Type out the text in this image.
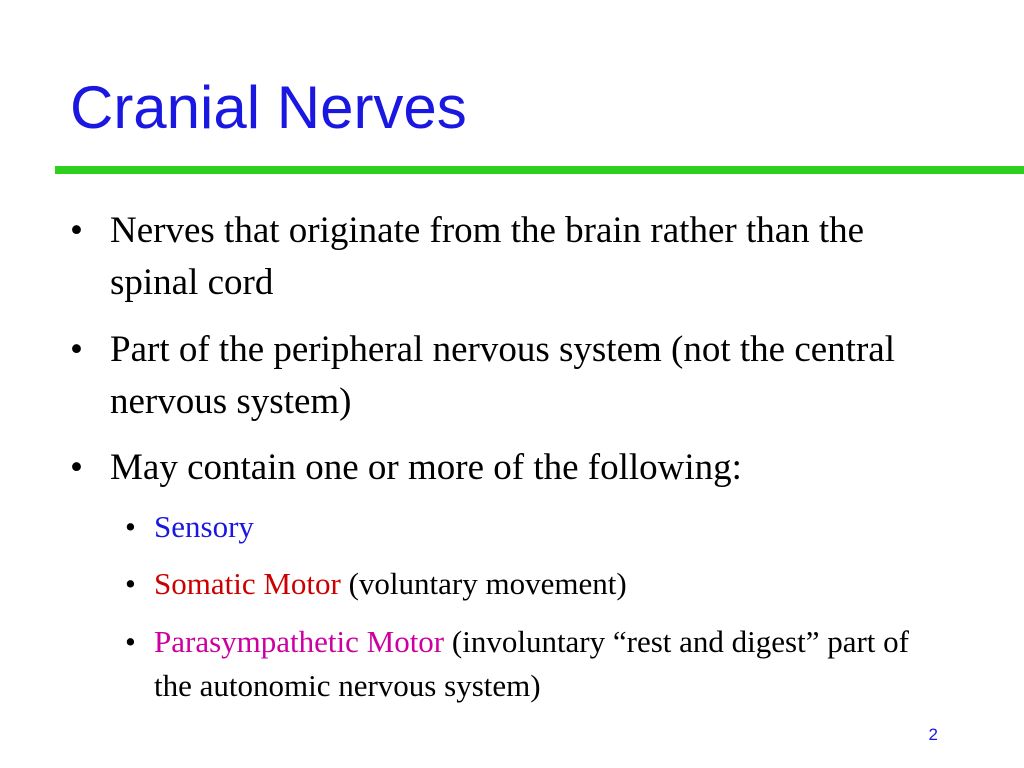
Cranial Nerves
• Nerves that originate from the brain rather than the spinal cord
• Part of the peripheral nervous system (not the central nervous system)
• May contain one or more of the following:
• Sensory
• Somatic Motor (voluntary movement)
• Parasympathetic Motor (involuntary “rest and digest” part of the autonomic nervous system)
2
